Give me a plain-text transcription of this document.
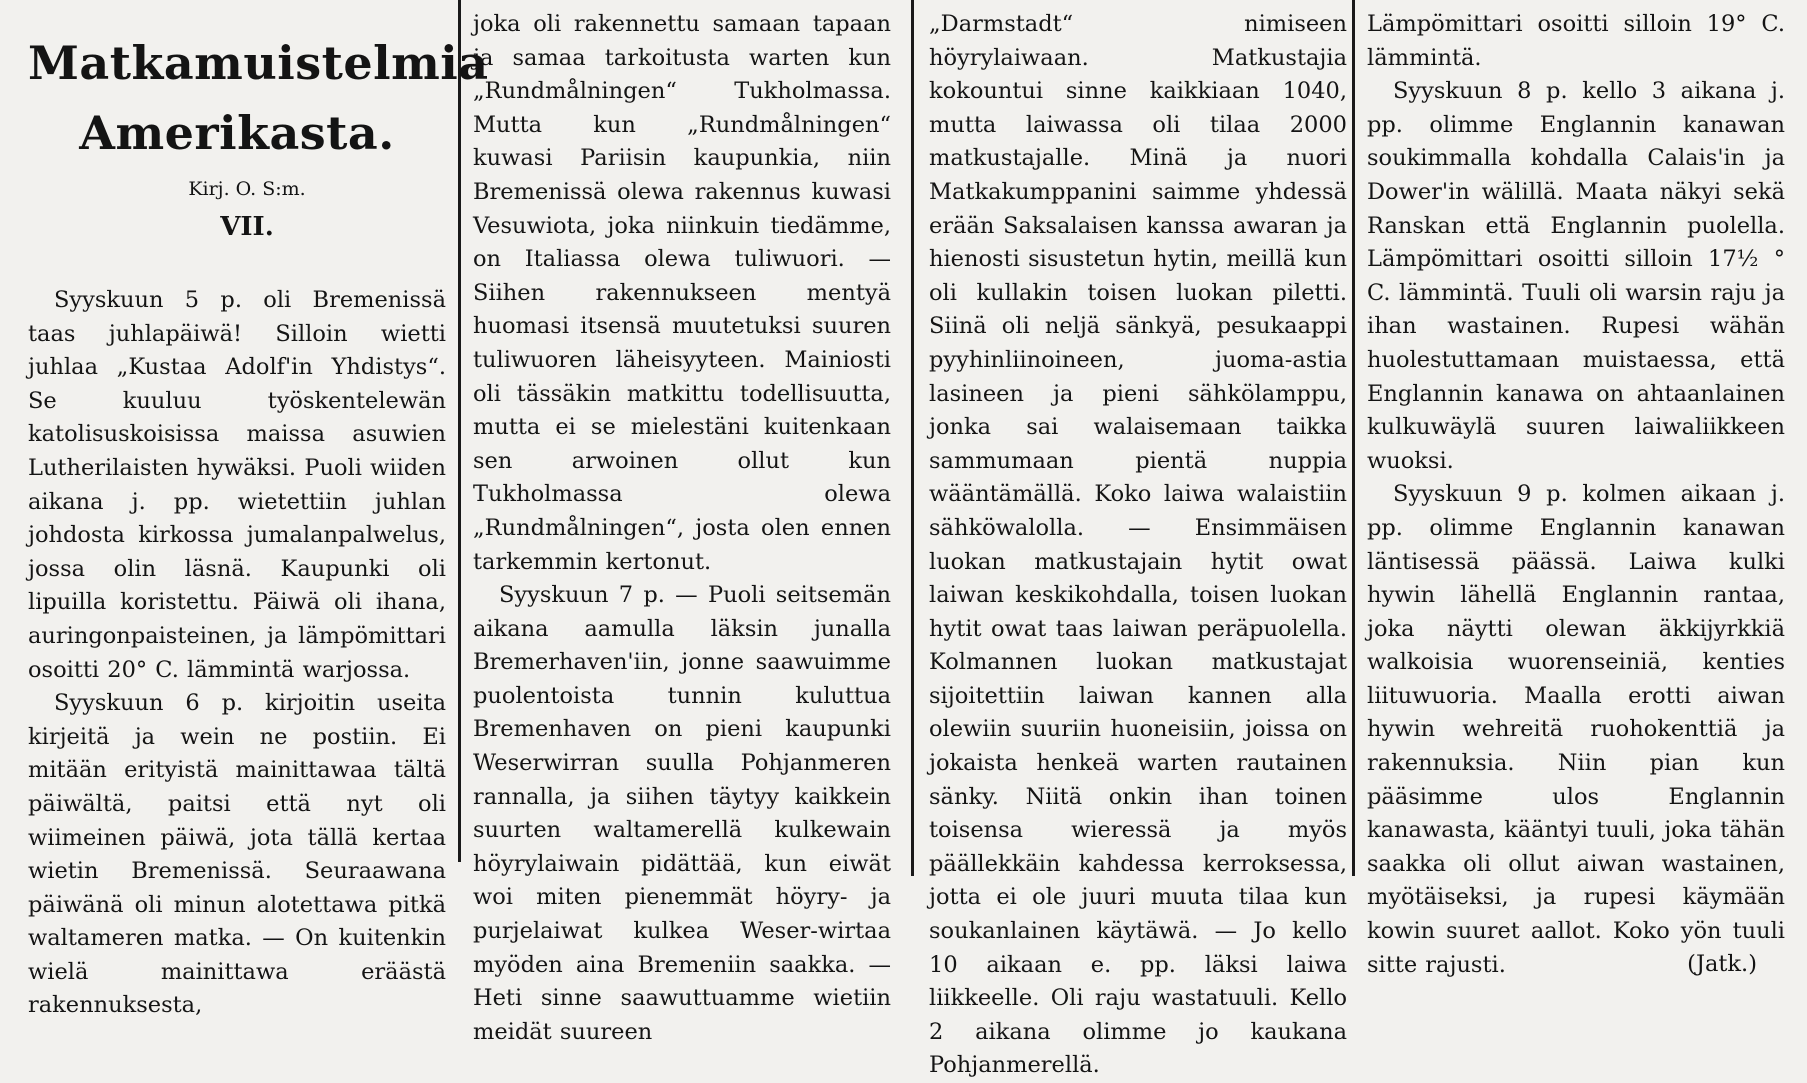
Matkamuistelmia
Amerikasta.
Kirj. O. S:m.
VII.

Syyskuun 5 p. oli Bremenissä taas juhlapäiwä! Silloin wietti juhlaa „Kustaa Adolf'in Yhdistys“. Se kuuluu työskentelewän katolisuskoisissa maissa asuwien Lutherilaisten hywäksi. Puoli wiiden aikana j. pp. wietettiin juhlan johdosta kirkossa jumalanpalwelus, jossa olin läsnä. Kaupunki oli lipuilla koristettu. Päiwä oli ihana, auringonpaisteinen, ja lämpömittari osoitti 20° C. lämmintä warjossa.

Syyskuun 6 p. kirjoitin useita kirjeitä ja wein ne postiin. Ei mitään erityistä mainittawaa tältä päiwältä, paitsi että nyt oli wiimeinen päiwä, jota tällä kertaa wietin Bremenissä. Seuraawana päiwänä oli minun alotettawa pitkä waltameren matka. — On kuitenkin wielä mainittawa eräästä rakennuksesta,

joka oli rakennettu samaan tapaan ja samaa tarkoitusta warten kun „Rundmålningen“ Tukholmassa. Mutta kun „Rundmålningen“ kuwasi Pariisin kaupunkia, niin Bremenissä olewa rakennus kuwasi Vesuwiota, joka niinkuin tiedämme, on Italiassa olewa tuliwuori. — Siihen rakennukseen mentyä huomasi itsensä muutetuksi suuren tuliwuoren läheisyyteen. Mainiosti oli tässäkin matkittu todellisuutta, mutta ei se mielestäni kuitenkaan sen arwoinen ollut kun Tukholmassa olewa „Rundmålningen“, josta olen ennen tarkemmin kertonut.

Syyskuun 7 p. — Puoli seitsemän aikana aamulla läksin junalla Bremerhaven'iin, jonne saawuimme puolentoista tunnin kuluttua Bremenhaven on pieni kaupunki Weserwirran suulla Pohjanmeren rannalla, ja siihen täytyy kaikkein suurten waltamerellä kulkewain höyrylaiwain pidättää, kun eiwät woi miten pienemmät höyry- ja purjelaiwat kulkea Weser-wirtaa myöden aina Bremeniin saakka. — Heti sinne saawuttuamme wietiin meidät suureen

„Darmstadt“ nimiseen höyrylaiwaan. Matkustajia kokountui sinne kaikkiaan 1040, mutta laiwassa oli tilaa 2000 matkustajalle. Minä ja nuori Matkakumppanini saimme yhdessä erään Saksalaisen kanssa awaran ja hienosti sisustetun hytin, meillä kun oli kullakin toisen luokan piletti. Siinä oli neljä sänkyä, pesukaappi pyyhinliinoineen, juoma-astia lasineen ja pieni sähkölamppu, jonka sai walaisemaan taikka sammumaan pientä nuppia wääntämällä. Koko laiwa walaistiin sähköwalolla. — Ensimmäisen luokan matkustajain hytit owat laiwan keskikohdalla, toisen luokan hytit owat taas laiwan peräpuolella. Kolmannen luokan matkustajat sijoitettiin laiwan kannen alla olewiin suuriin huoneisiin, joissa on jokaista henkeä warten rautainen sänky. Niitä onkin ihan toinen toisensa wieressä ja myös päällekkäin kahdessa kerroksessa, jotta ei ole juuri muuta tilaa kun soukanlainen käytäwä. — Jo kello 10 aikaan e. pp. läksi laiwa liikkeelle. Oli raju wastatuuli. Kello 2 aikana olimme jo kaukana Pohjanmerellä.

Lämpömittari osoitti silloin 19° C. lämmintä.

Syyskuun 8 p. kello 3 aikana j. pp. olimme Englannin kanawan soukimmalla kohdalla Calais'in ja Dower'in wälillä. Maata näkyi sekä Ranskan että Englannin puolella. Lämpömittari osoitti silloin 17½ ° C. lämmintä. Tuuli oli warsin raju ja ihan wastainen. Rupesi wähän huolestuttamaan muistaessa, että Englannin kanawa on ahtaanlainen kulkuwäylä suuren laiwaliikkeen wuoksi.

Syyskuun 9 p. kolmen aikaan j. pp. olimme Englannin kanawan läntisessä päässä. Laiwa kulki hywin lähellä Englannin rantaa, joka näytti olewan äkkijyrkkiä walkoisia wuorenseiniä, kenties liituwuoria. Maalla erotti aiwan hywin wehreitä ruohokenttiä ja rakennuksia. Niin pian kun pääsimme ulos Englannin kanawasta, kääntyi tuuli, joka tähän saakka oli ollut aiwan wastainen, myötäiseksi, ja rupesi käymään kowin suuret aallot. Koko yön tuuli sitte rajusti.	(Jatk.)
